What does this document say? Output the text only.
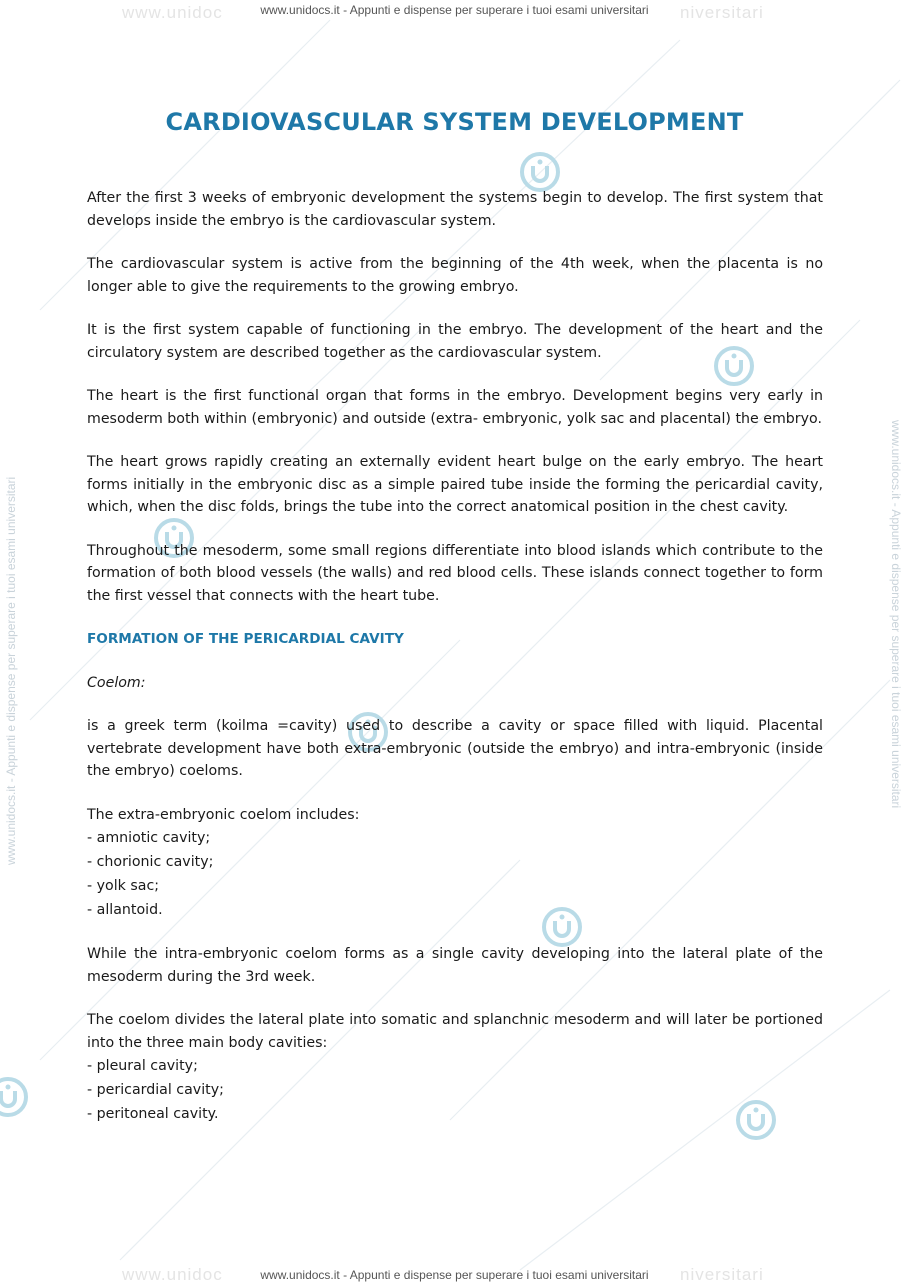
www.unidoc	niversitari
www.unidoc	niversitari
www.unidocs.it - Appunti e dispense per superare i tuoi esami universitari
www.unidocs.it - Appunti e dispense per superare i tuoi esami universitari
www.unidocs.it - Appunti e dispense per superare i tuoi esami universitari	www.unidocs.it - Appunti e dispense per superare i tuoi esami universitari
CARDIOVASCULAR SYSTEM DEVELOPMENT

After the first 3 weeks of embryonic development the systems begin to develop. The first system that develops inside the embryo is the cardiovascular system.

The cardiovascular system is active from the beginning of the 4th week, when the placenta is no longer able to give the requirements to the growing embryo.

It is the first system capable of functioning in the embryo. The development of the heart and the circulatory system are described together as the cardiovascular system.

The heart is the first functional organ that forms in the embryo. Development begins very early in mesoderm both within (embryonic) and outside (extra- embryonic, yolk sac and placental) the embryo.

The heart grows rapidly creating an externally evident heart bulge on the early embryo. The heart forms initially in the embryonic disc as a simple paired tube inside the forming the pericardial cavity, which, when the disc folds, brings the tube into the correct anatomical position in the chest cavity.

Throughout the mesoderm, some small regions differentiate into blood islands which contribute to the formation of both blood vessels (the walls) and red blood cells. These islands connect together to form the first vessel that connects with the heart tube.

FORMATION OF THE PERICARDIAL CAVITY

Coelom:

is a greek term (koilma =cavity) used to describe a cavity or space filled with liquid. Placental vertebrate development have both extra-embryonic (outside the embryo) and intra-embryonic (inside the embryo) coeloms.

The extra-embryonic coelom includes:
- amniotic cavity;
- chorionic cavity;
- yolk sac;
- allantoid.

While the intra-embryonic coelom forms as a single cavity developing into the lateral plate of the mesoderm during the 3rd week.

The coelom divides the lateral plate into somatic and splanchnic mesoderm and will later be portioned into the three main body cavities:
- pleural cavity;
- pericardial cavity;
- peritoneal cavity.
